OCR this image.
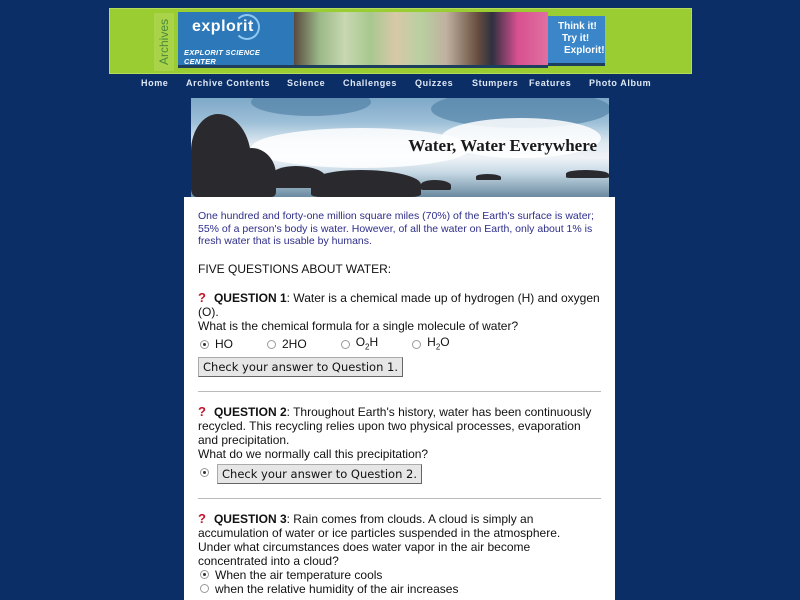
Archives explorit
EXPLORIT SCIENCE CENTER
Think it!
Try it!
Explorit!
Home Archive Contents Science Challenges Quizzes Stumpers Features Photo Album
Water, Water Everywhere
One hundred and forty-one million square miles (70%) of the Earth's surface is water; 55% of a person's body is water. However, of all the water on Earth, only about 1% is fresh water that is usable by humans.
FIVE QUESTIONS ABOUT WATER:
? QUESTION 1: Water is a chemical made up of hydrogen (H) and oxygen (O).
What is the chemical formula for a single molecule of water?
HO	2HO	$O_2H$	$H_2O$
Check your answer to Question 1.
? QUESTION 2: Throughout Earth's history, water has been continuously recycled. This recycling relies upon two physical processes, evaporation and precipitation.
What do we normally call this precipitation?
Check your answer to Question 2.
? QUESTION 3: Rain comes from clouds. A cloud is simply an accumulation of water or ice particles suspended in the atmosphere.
Under what circumstances does water vapor in the air become concentrated into a cloud?
When the air temperature cools
when the relative humidity of the air increases
